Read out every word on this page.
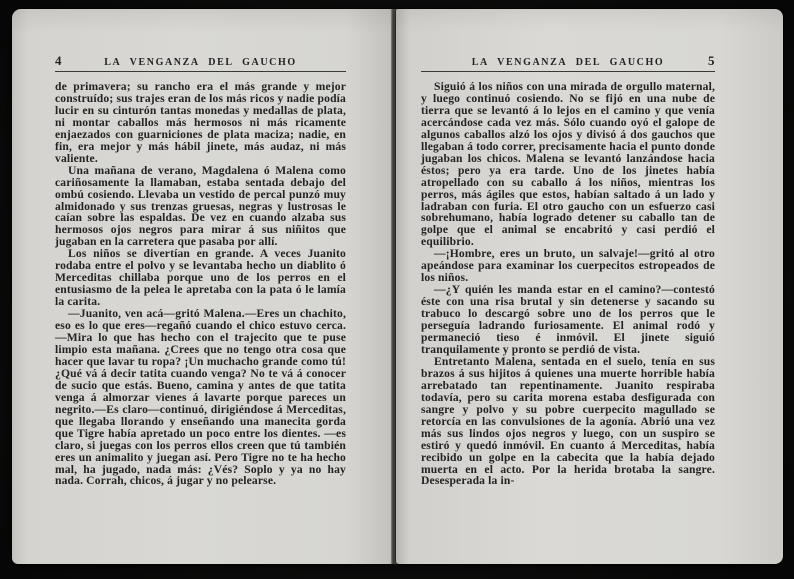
4	LA VENGANZA DEL GAUCHO

de primavera; su rancho era el más grande y mejor construído; sus trajes eran de los más ricos y nadie podía lucir en su cinturón tantas monedas y medallas de plata, ni montar caballos más hermosos ni más ricamente enjaezados con guarniciones de plata maciza; nadie, en fin, era mejor y más hábil jinete, más audaz, ni más valiente.

Una mañana de verano, Magdalena ó Malena como cariñosamente la llamaban, estaba sentada debajo del ombú cosiendo. Llevaba un vestido de percal punzó muy almidonado y sus trenzas gruesas, negras y lustrosas le caían sobre las espaldas. De vez en cuando alzaba sus hermosos ojos negros para mirar á sus niñitos que jugaban en la carretera que pasaba por allí.

Los niños se divertían en grande. A veces Juanito rodaba entre el polvo y se levantaba hecho un diablito ó Merceditas chillaba porque uno de los perros en el entusiasmo de la pelea le apretaba con la pata ó le lamía la carita.

—Juanito, ven acá—gritó Malena.—Eres un chachito, eso es lo que eres—regañó cuando el chico estuvo cerca.—Mira lo que has hecho con el trajecito que te puse limpio esta mañana. ¿Crees que no tengo otra cosa que hacer que lavar tu ropa? ¡Un muchacho grande como tú! ¿Qué vá á decir tatita cuando venga? No te vá á conocer de sucio que estás. Bueno, camina y antes de que tatita venga á almorzar vienes á lavarte porque pareces un negrito.—Es claro—continuó, dirigiéndose á Merceditas, que llegaba llorando y enseñando una manecita gorda que Tigre había apretado un poco entre los dientes. —es claro, si juegas con los perros ellos creen que tú también eres un animalito y juegan así. Pero Tigre no te ha hecho mal, ha jugado, nada más: ¿Vés? Soplo y ya no hay nada. Corrah, chicos, á jugar y no pelearse.

LA VENGANZA DEL GAUCHO	5

Siguió á los niños con una mirada de orgullo maternal, y luego continuó cosiendo. No se fijó en una nube de tierra que se levantó á lo lejos en el camino y que venía acercándose cada vez más. Sólo cuando oyó el galope de algunos caballos alzó los ojos y divisó á dos gauchos que llegaban á todo correr, precisamente hacia el punto donde jugaban los chicos. Malena se levantó lanzándose hacia éstos; pero ya era tarde. Uno de los jinetes había atropellado con su caballo á los niños, mientras los perros, más ágiles que estos, habían saltado á un lado y ladraban con furia. El otro gaucho con un esfuerzo casi sobrehumano, había logrado detener su caballo tan de golpe que el animal se encabritó y casi perdió el equilibrio.

—¡Hombre, eres un bruto, un salvaje!—gritó al otro apeándose para examinar los cuerpecitos estropeados de los niños.

—¿Y quién les manda estar en el camino?—contestó éste con una risa brutal y sin detenerse y sacando su trabuco lo descargó sobre uno de los perros que le perseguía ladrando furiosamente. El animal rodó y permaneció tieso é inmóvil. El jinete siguió tranquilamente y pronto se perdió de vista.

Entretanto Malena, sentada en el suelo, tenía en sus brazos á sus hijitos á quienes una muerte horrible había arrebatado tan repentinamente. Juanito respiraba todavía, pero su carita morena estaba desfigurada con sangre y polvo y su pobre cuerpecito magullado se retorcía en las convulsiones de la agonía. Abrió una vez más sus lindos ojos negros y luego, con un suspiro se estiró y quedó inmóvil. En cuanto á Merceditas, había recibido un golpe en la cabecita que la había dejado muerta en el acto. Por la herida brotaba la sangre. Desesperada la in-
